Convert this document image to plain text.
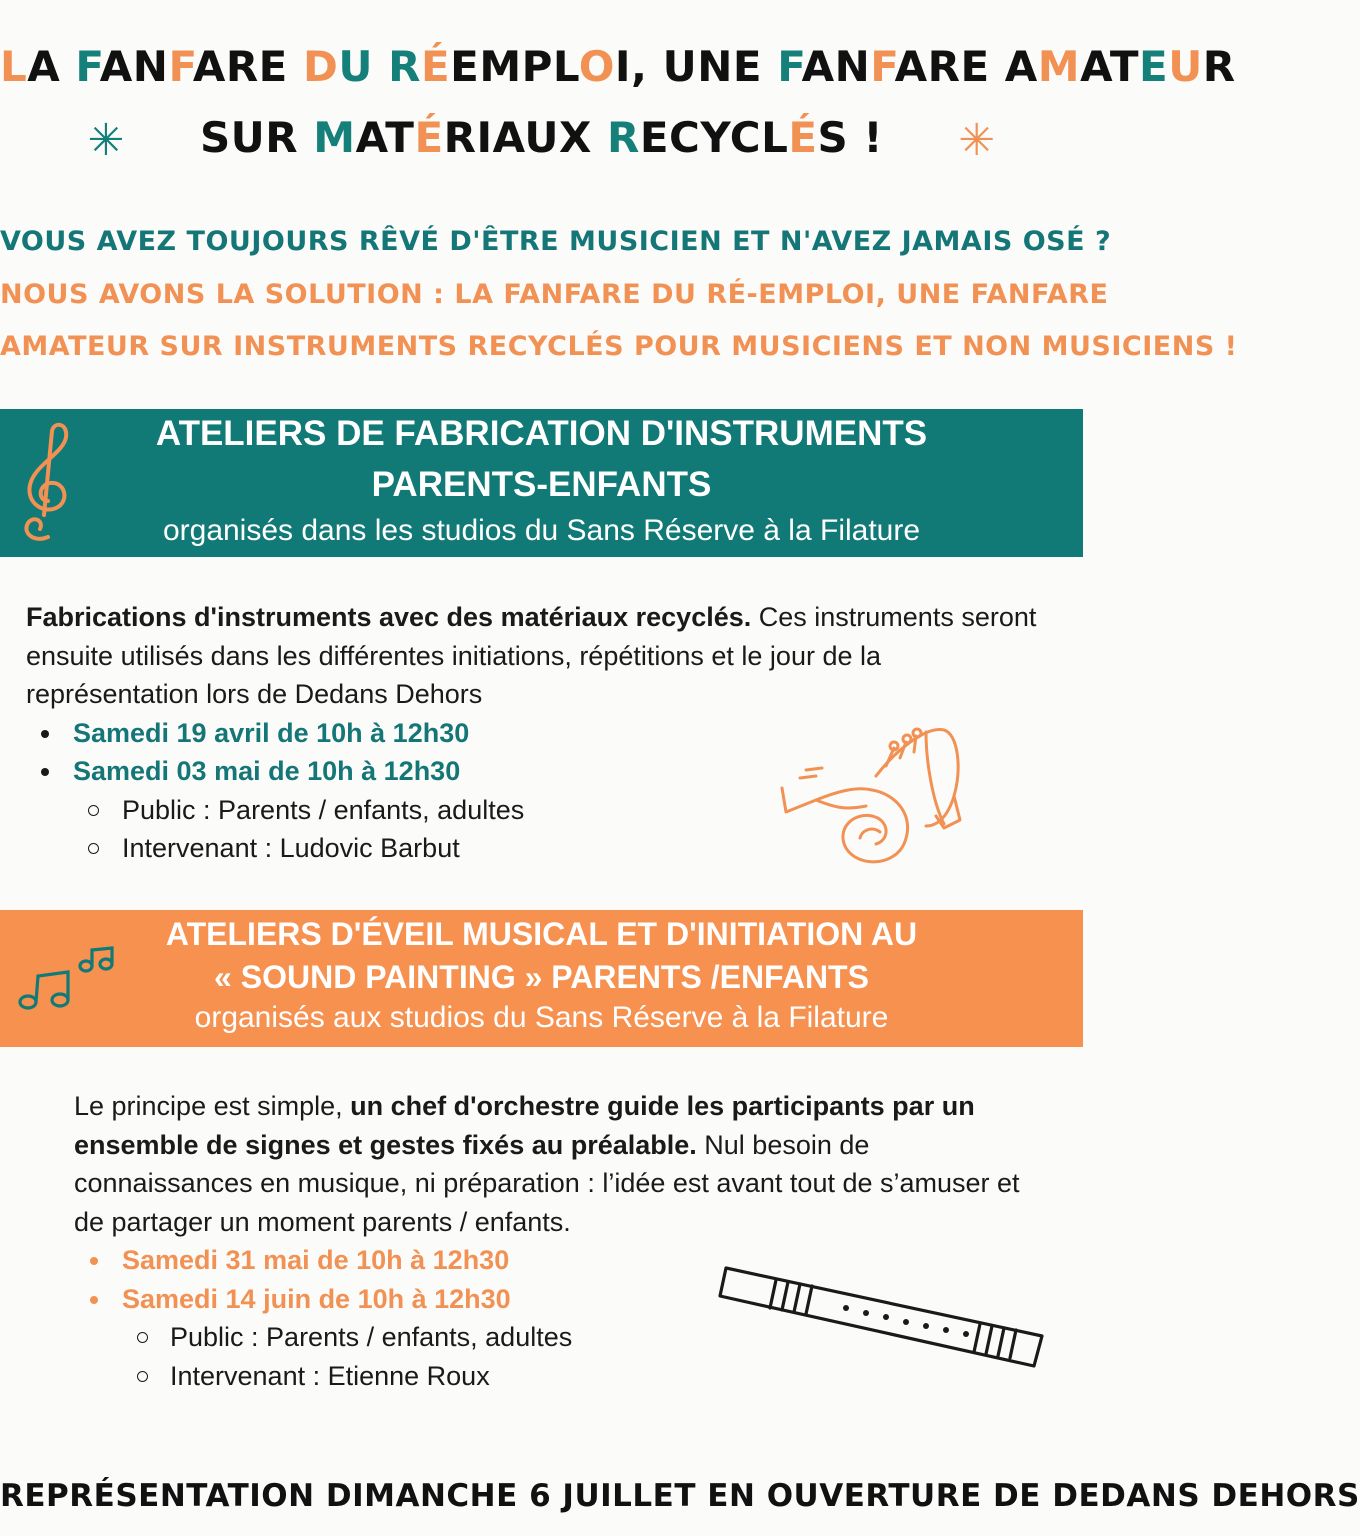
LA FANFARE DU RÉEMPLOI, UNE FANFARE AMATEUR
✳ SUR MATÉRIAUX RECYCLÉS ! ✳
VOUS AVEZ TOUJOURS RÊVÉ D'ÊTRE MUSICIEN ET N'AVEZ JAMAIS OSÉ ?
NOUS AVONS LA SOLUTION : LA FANFARE DU RÉ-EMPLOI, UNE FANFARE
AMATEUR SUR INSTRUMENTS RECYCLÉS POUR MUSICIENS ET NON MUSICIENS !
ATELIERS DE FABRICATION D'INSTRUMENTS
PARENTS-ENFANTS
organisés dans les studios du Sans Réserve à la Filature

Fabrications d'instruments avec des matériaux recyclés. Ces instruments seront ensuite utilisés dans les différentes initiations, répétitions et le jour de la représentation lors de Dedans Dehors

Samedi 19 avril de 10h à 12h30
Samedi 03 mai de 10h à 12h30
Public : Parents / enfants, adultes
Intervenant : Ludovic Barbut
ATELIERS D'ÉVEIL MUSICAL ET D'INITIATION AU
« SOUND PAINTING » PARENTS /ENFANTS
organisés aux studios du Sans Réserve à la Filature

Le principe est simple, un chef d'orchestre guide les participants par un ensemble de signes et gestes fixés au préalable. Nul besoin de connaissances en musique, ni préparation : l’idée est avant tout de s’amuser et de partager un moment parents / enfants.

Samedi 31 mai de 10h à 12h30
Samedi 14 juin de 10h à 12h30
Public : Parents / enfants, adultes
Intervenant : Etienne Roux
REPRÉSENTATION DIMANCHE 6 JUILLET EN OUVERTURE DE DEDANS DEHORS
